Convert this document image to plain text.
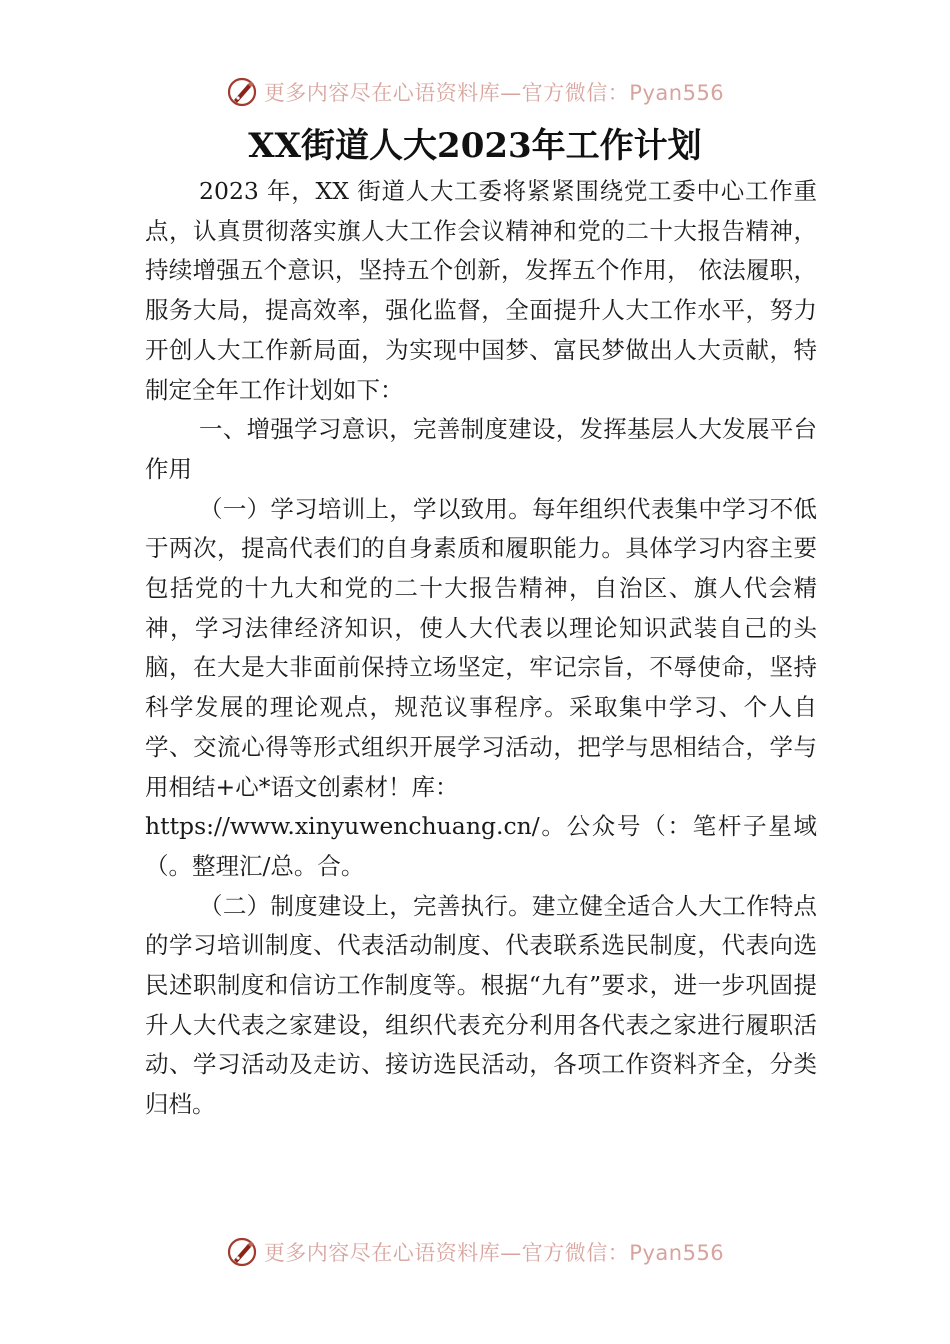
更多内容尽在心语资料库—官方微信：Pyan556
XX街道人大2023年工作计划

2023 年，XX 街道人大工委将紧紧围绕党工委中心工作重点，认真贯彻落实旗人大工作会议精神和党的二十大报告精神，持续增强五个意识，坚持五个创新，发挥五个作用， 依法履职，服务大局，提高效率，强化监督，全面提升人大工作水平，努力开创人大工作新局面，为实现中国梦、富民梦做出人大贡献，特制定全年工作计划如下：

一、增强学习意识，完善制度建设，发挥基层人大发展平台作用

（一）学习培训上，学以致用。每年组织代表集中学习不低于两次，提高代表们的自身素质和履职能力。具体学习内容主要包括党的十九大和党的二十大报告精神，自治区、旗人代会精神，学习法律经济知识，使人大代表以理论知识武装自己的头脑，在大是大非面前保持立场坚定，牢记宗旨，不辱使命，坚持科学发展的理论观点，规范议事程序。采取集中学习、个人自学、交流心得等形式组织开展学习活动，把学与思相结合，学与用相结+心*语文创素材！库：

https://www.xinyuwenchuang.cn/。公众号（：笔杆子星域（。整理汇/总。合。

（二）制度建设上，完善执行。建立健全适合人大工作特点的学习培训制度、代表活动制度、代表联系选民制度，代表向选民述职制度和信访工作制度等。根据“九有”要求，进一步巩固提升人大代表之家建设，组织代表充分利用各代表之家进行履职活动、学习活动及走访、接访选民活动，各项工作资料齐全，分类归档。

更多内容尽在心语资料库—官方微信：Pyan556
